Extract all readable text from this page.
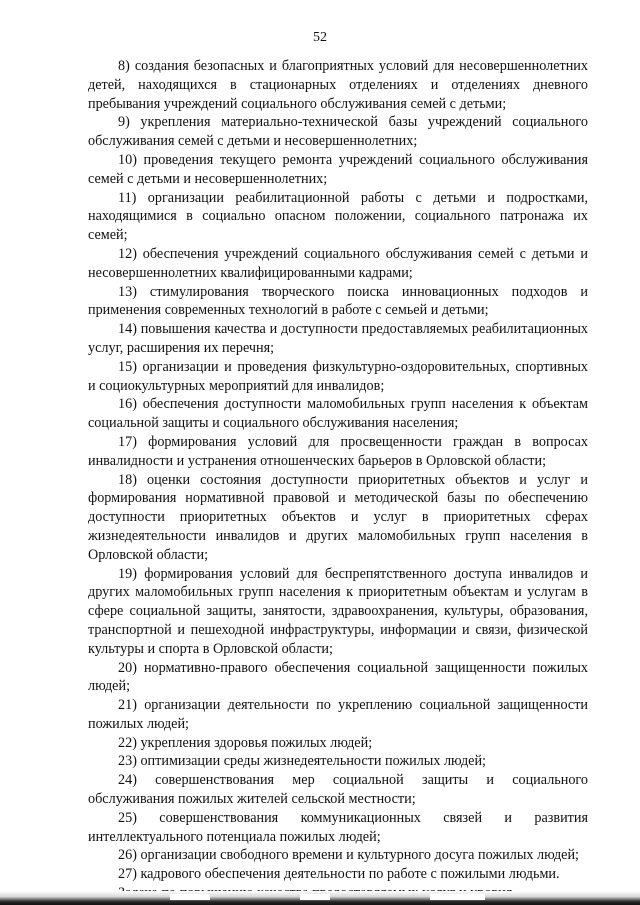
52

8) создания безопасных и благоприятных условий для несовершеннолетних детей, находящихся в стационарных отделениях и отделениях дневного пребывания учреждений социального обслуживания семей с детьми;

9) укрепления материально-технической базы учреждений социального обслуживания семей с детьми и несовершеннолетних;

10) проведения текущего ремонта учреждений социального обслуживания семей с детьми и несовершеннолетних;

11) организации реабилитационной работы с детьми и подростками, находящимися в социально опасном положении, социального патронажа их семей;

12) обеспечения учреждений социального обслуживания семей с детьми и несовершеннолетних квалифицированными кадрами;

13) стимулирования творческого поиска инновационных подходов и применения современных технологий в работе с семьей и детьми;

14) повышения качества и доступности предоставляемых реабилитационных услуг, расширения их перечня;

15) организации и проведения физкультурно-оздоровительных, спортивных и социокультурных мероприятий для инвалидов;

16) обеспечения доступности маломобильных групп населения к объектам социальной защиты и социального обслуживания населения;

17) формирования условий для просвещенности граждан в вопросах инвалидности и устранения отношенческих барьеров в Орловской области;

18) оценки состояния доступности приоритетных объектов и услуг и формирования нормативной правовой и методической базы по обеспечению доступности приоритетных объектов и услуг в приоритетных сферах жизнедеятельности инвалидов и других маломобильных групп населения в Орловской области;

19) формирования условий для беспрепятственного доступа инвалидов и других маломобильных групп населения к приоритетным объектам и услугам в сфере социальной защиты, занятости, здравоохранения, культуры, образования, транспортной и пешеходной инфраструктуры, информации и связи, физической культуры и спорта в Орловской области;

20) нормативно-правого обеспечения социальной защищенности пожилых людей;

21) организации деятельности по укреплению социальной защищенности пожилых людей;

22) укрепления здоровья пожилых людей;

23) оптимизации среды жизнедеятельности пожилых людей;

24) совершенствования мер социальной защиты и социального обслуживания пожилых жителей сельской местности;

25) совершенствования коммуникационных связей и развития интеллектуального потенциала пожилых людей;

26) организации свободного времени и культурного досуга пожилых людей;

27) кадрового обеспечения деятельности по работе с пожилыми людьми.
